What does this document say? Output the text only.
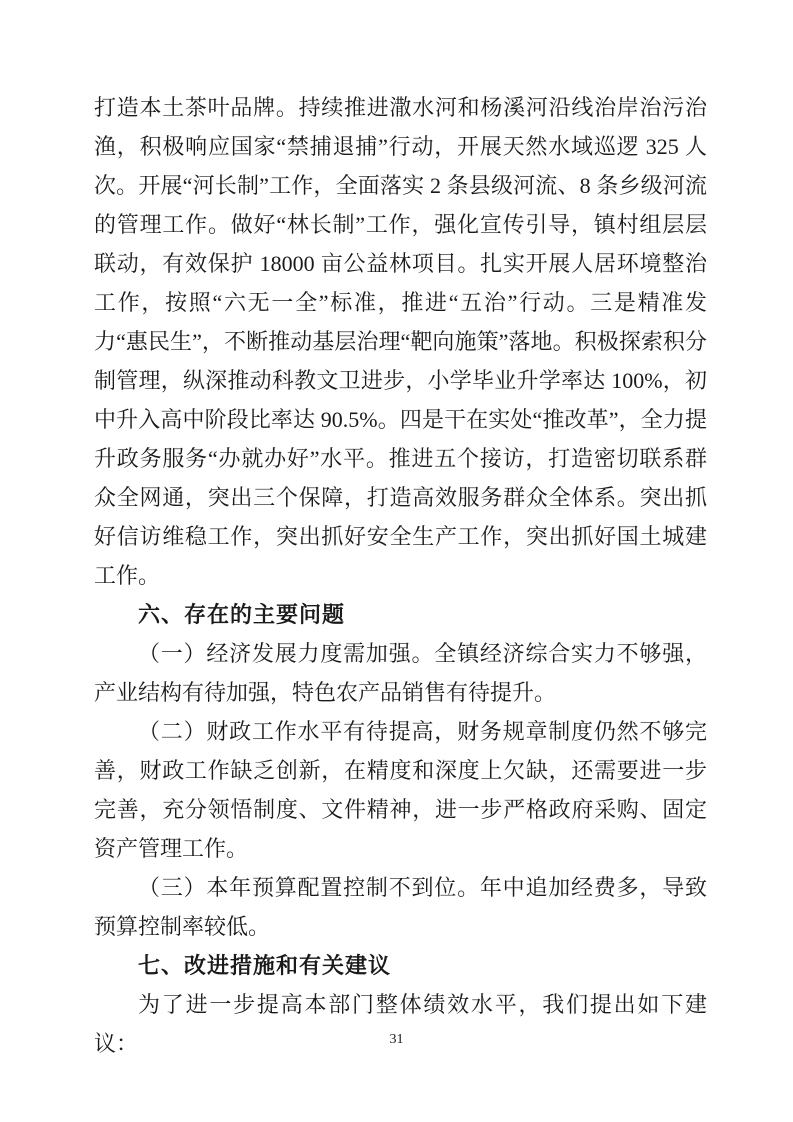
打造本土茶叶品牌。持续推进潵水河和杨溪河沿线治岸治污治渔，积极响应国家“禁捕退捕”行动，开展天然水域巡逻 325 人次。开展“河长制”工作，全面落实 2 条县级河流、8 条乡级河流的管理工作。做好“林长制”工作，强化宣传引导，镇村组层层联动，有效保护 18000 亩公益林项目。扎实开展人居环境整治工作，按照“六无一全”标准，推进“五治”行动。三是精准发力“惠民生”，不断推动基层治理“靶向施策”落地。积极探索积分制管理，纵深推动科教文卫进步，小学毕业升学率达 100%，初中升入高中阶段比率达 90.5%。四是干在实处“推改革”，全力提升政务服务“办就办好”水平。推进五个接访，打造密切联系群众全网通，突出三个保障，打造高效服务群众全体系。突出抓好信访维稳工作，突出抓好安全生产工作，突出抓好国土城建工作。

六、存在的主要问题

（一）经济发展力度需加强。全镇经济综合实力不够强，产业结构有待加强，特色农产品销售有待提升。

（二）财政工作水平有待提高，财务规章制度仍然不够完善，财政工作缺乏创新，在精度和深度上欠缺，还需要进一步完善，充分领悟制度、文件精神，进一步严格政府采购、固定资产管理工作。

（三）本年预算配置控制不到位。年中追加经费多，导致预算控制率较低。

七、改进措施和有关建议

为了进一步提高本部门整体绩效水平，我们提出如下建议：	31
